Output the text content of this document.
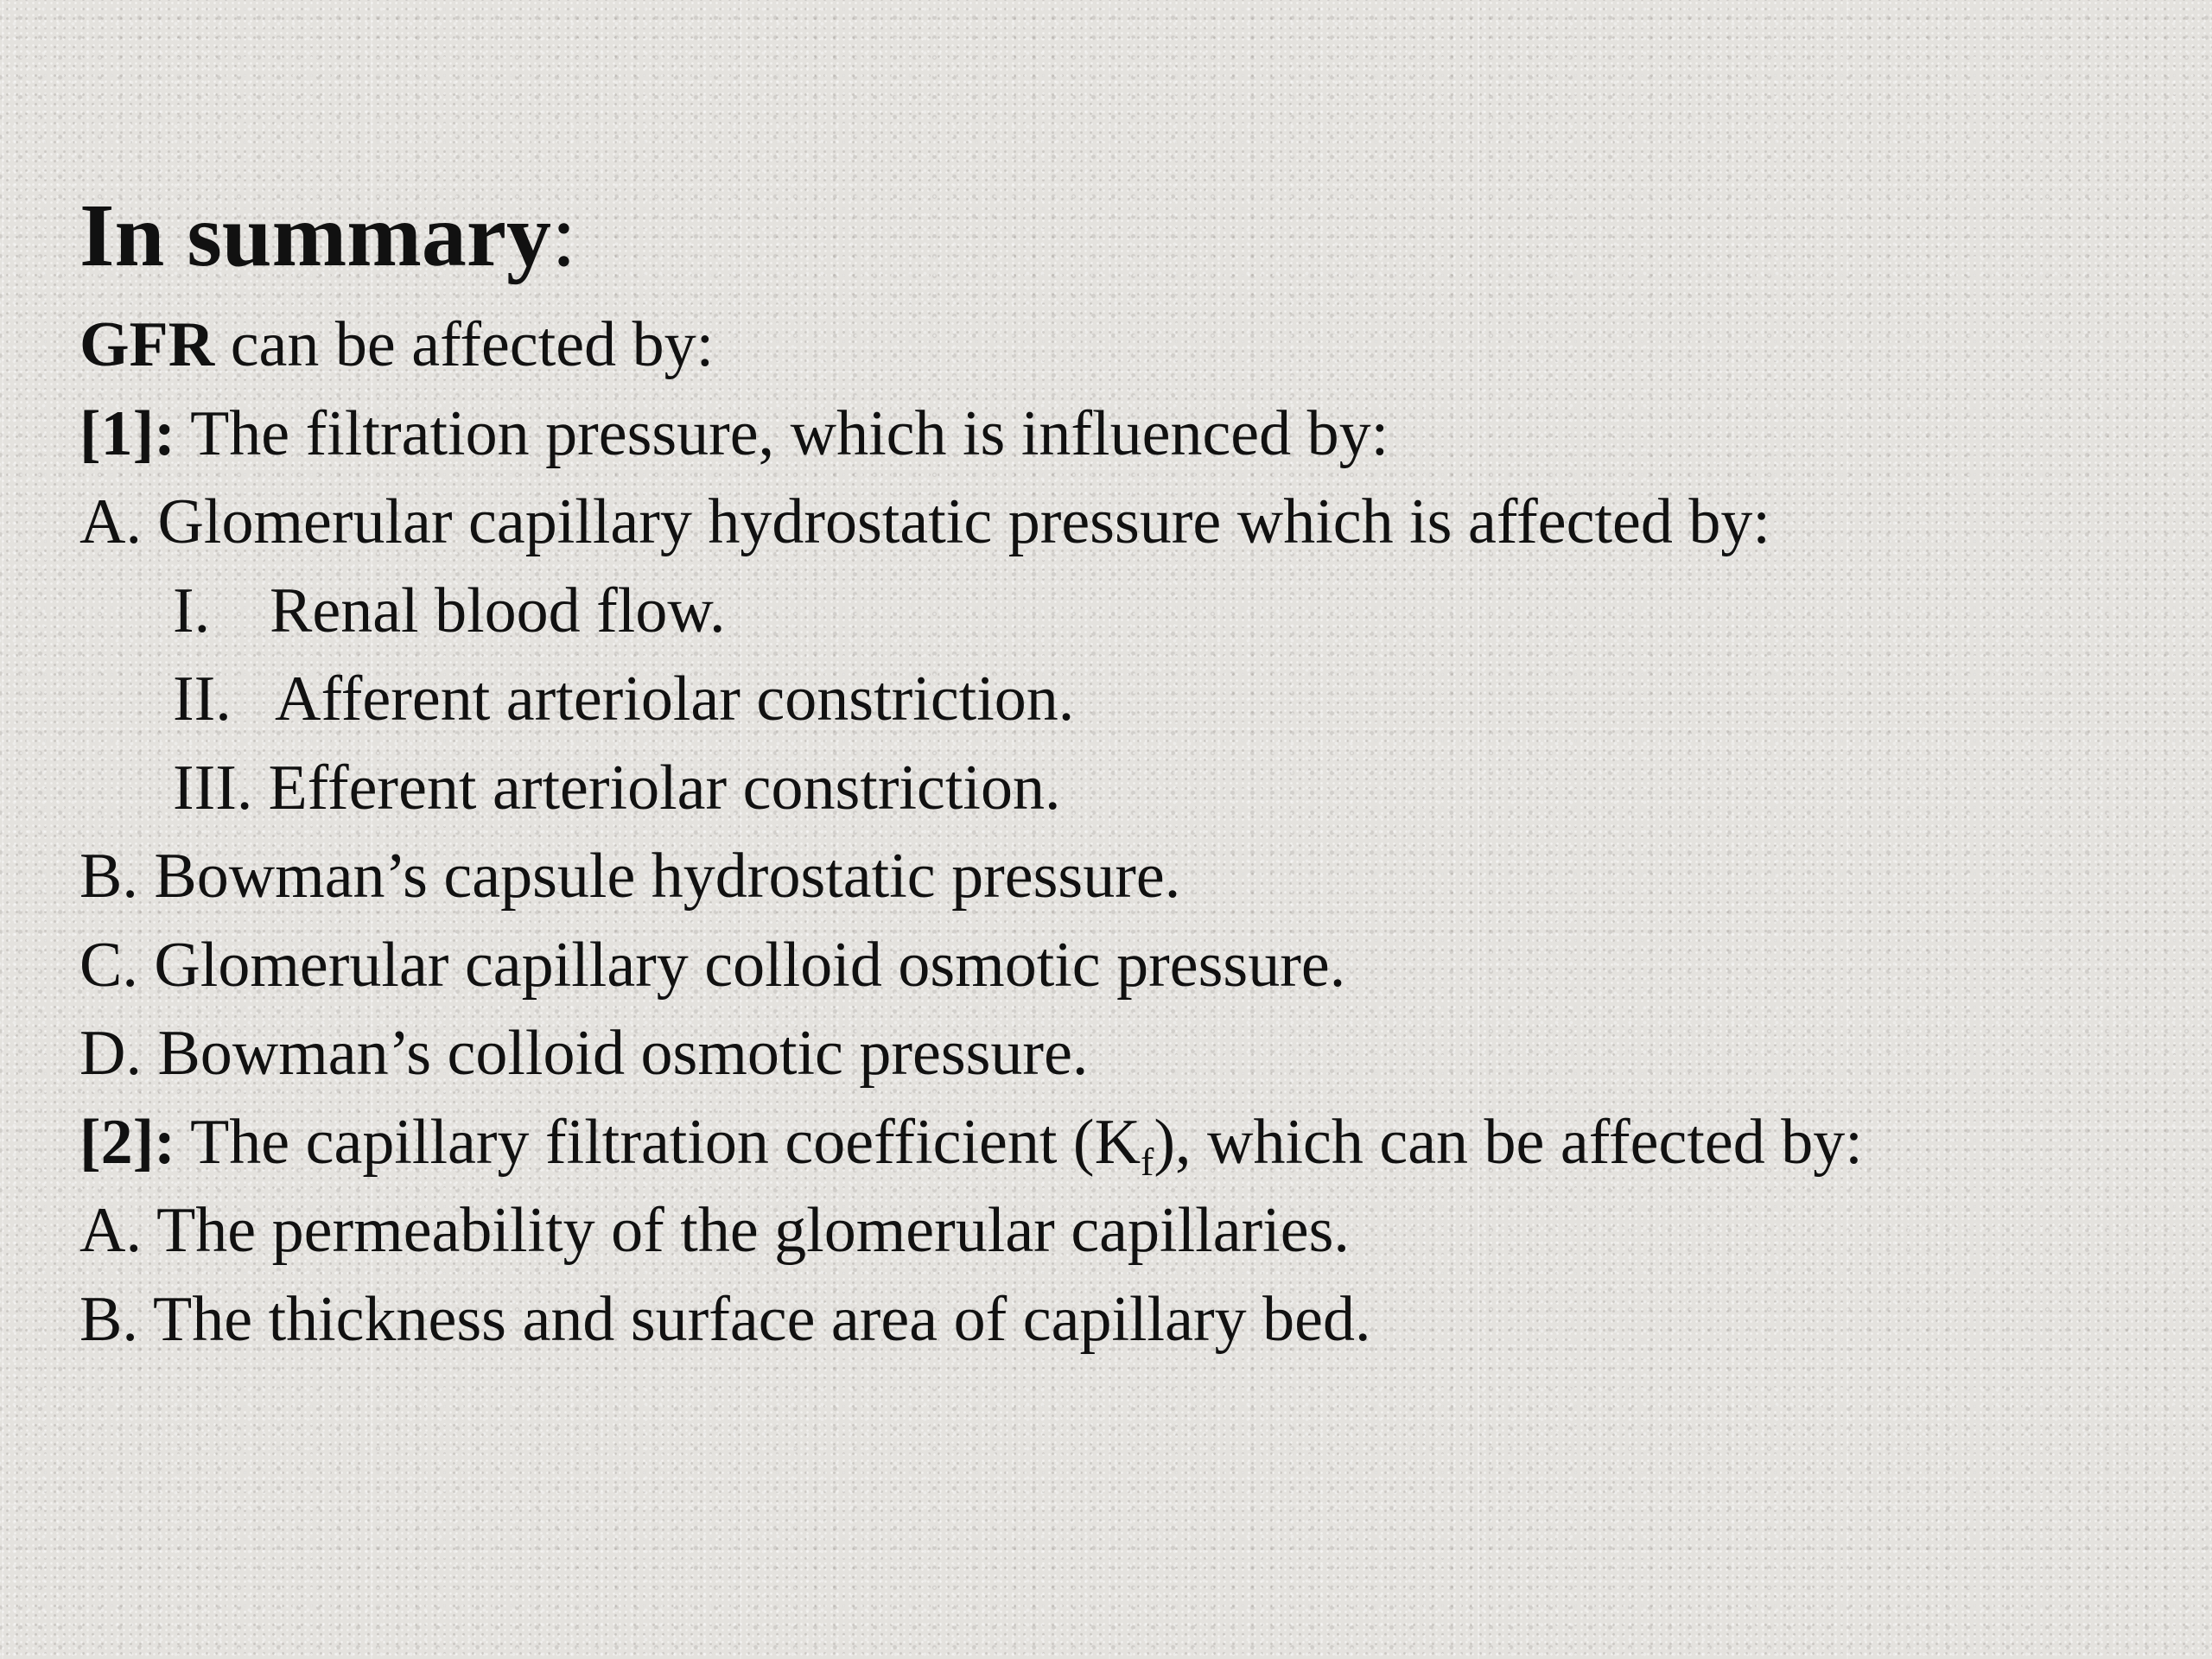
In summary:
GFR can be affected by:
[1]: The filtration pressure, which is influenced by:
A. Glomerular capillary hydrostatic pressure which is affected by:
I. Renal blood flow.
II. Afferent arteriolar constriction.
III. Efferent arteriolar constriction.
B. Bowman’s capsule hydrostatic pressure.
C. Glomerular capillary colloid osmotic pressure.
D. Bowman’s colloid osmotic pressure.
[2]: The capillary filtration coefficient $(K_f)$, which can be affected by:
A. The permeability of the glomerular capillaries.
B. The thickness and surface area of capillary bed.
